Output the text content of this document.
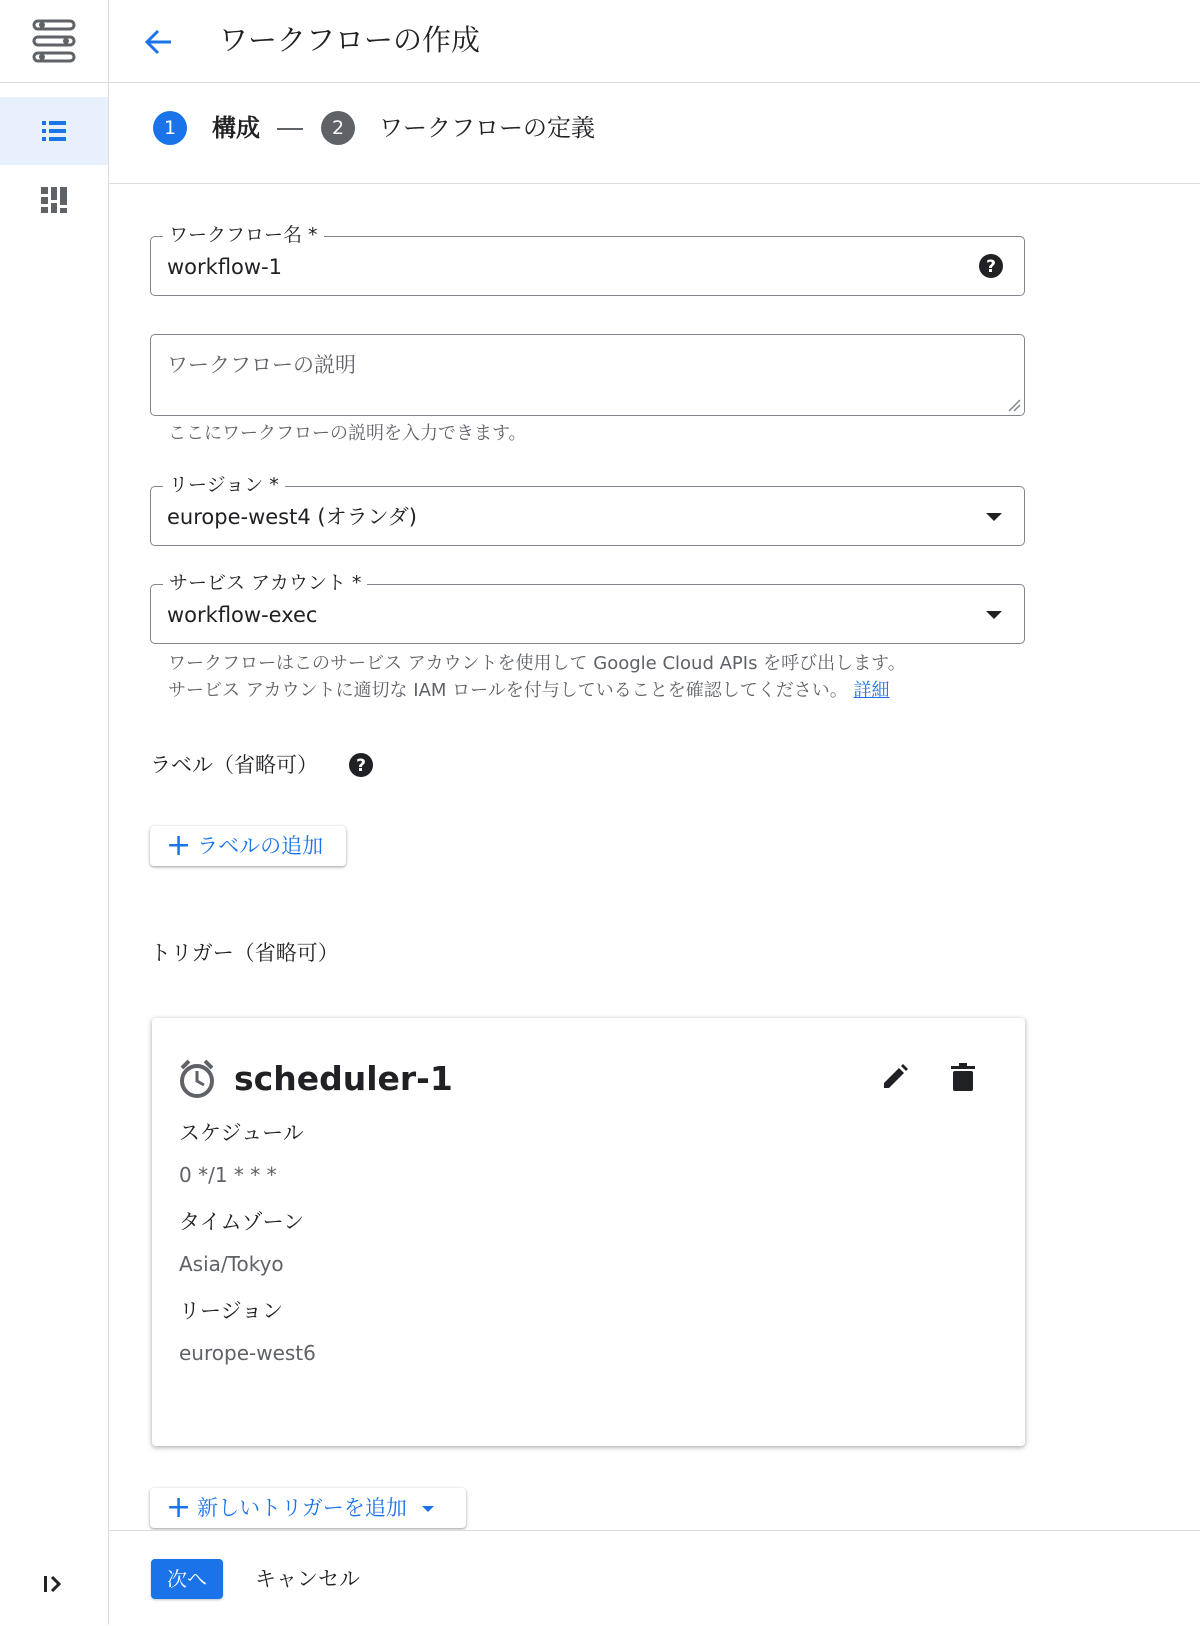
ワークフローの作成
1	構成	2	ワークフローの定義
ワークフロー名 *
workflow-1	?
ワークフローの説明
ここにワークフローの説明を入力できます。
リージョン *
europe-west4 (オランダ)
サービス アカウント *
workflow-exec
ワークフローはこのサービス アカウントを使用して Google Cloud APIs を呼び出します。
サービス アカウントに適切な IAM ロールを付与していることを確認してください。 詳細
ラベル（省略可） ?
+ ラベルの追加
トリガー（省略可）
scheduler-1
スケジュール
0 */1 * * *
タイムゾーン
Asia/Tokyo
リージョン
europe-west6
+ 新しいトリガーを追加
次へ	キャンセル
